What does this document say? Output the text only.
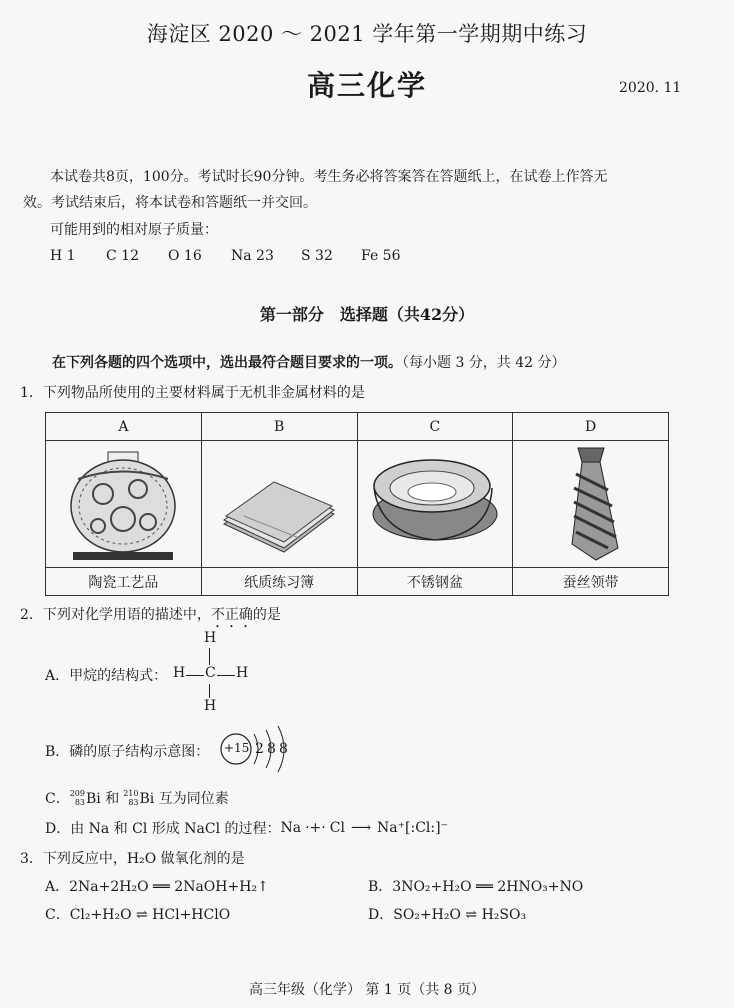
海淀区 2020 ～ 2021 学年第一学期期中练习
高三化学	2020. 11
本试卷共8页，100分。考试时长90分钟。考生务必将答案答在答题纸上，在试卷上作答无
效。考试结束后，将本试卷和答题纸一并交回。
可能用到的相对原子质量：
H 1	C 12	O 16	Na 23	S 32	Fe 56
第一部分　选择题（共42分）
在下列各题的四个选项中，选出最符合题目要求的一项。（每小题 3 分，共 42 分）
1．下列物品所使用的主要材料属于无机非金属材料的是
A	B	C	D

陶瓷工艺品	纸质练习簿	不锈钢盆	蚕丝领带
2．下列对化学用语的描述中，不正确的是
A．甲烷的结构式：
H
H C H
H
B．磷的原子结构示意图： +15 2 8 8
C． 209
83 Bi 和 210
83 Bi 互为同位素
D．由 Na 和 Cl 形成 NaCl 的过程： Na ·+· Cl ⟶ Na⁺[:Cl:]⁻
3．下列反应中，H₂O 做氧化剂的是
A．2Na+2H₂O ══ 2NaOH+H₂↑	B．3NO₂+H₂O ══ 2HNO₃+NO
C．Cl₂+H₂O ⇌ HCl+HClO	D．SO₂+H₂O ⇌ H₂SO₃
高三年级（化学） 第 1 页（共 8 页）
